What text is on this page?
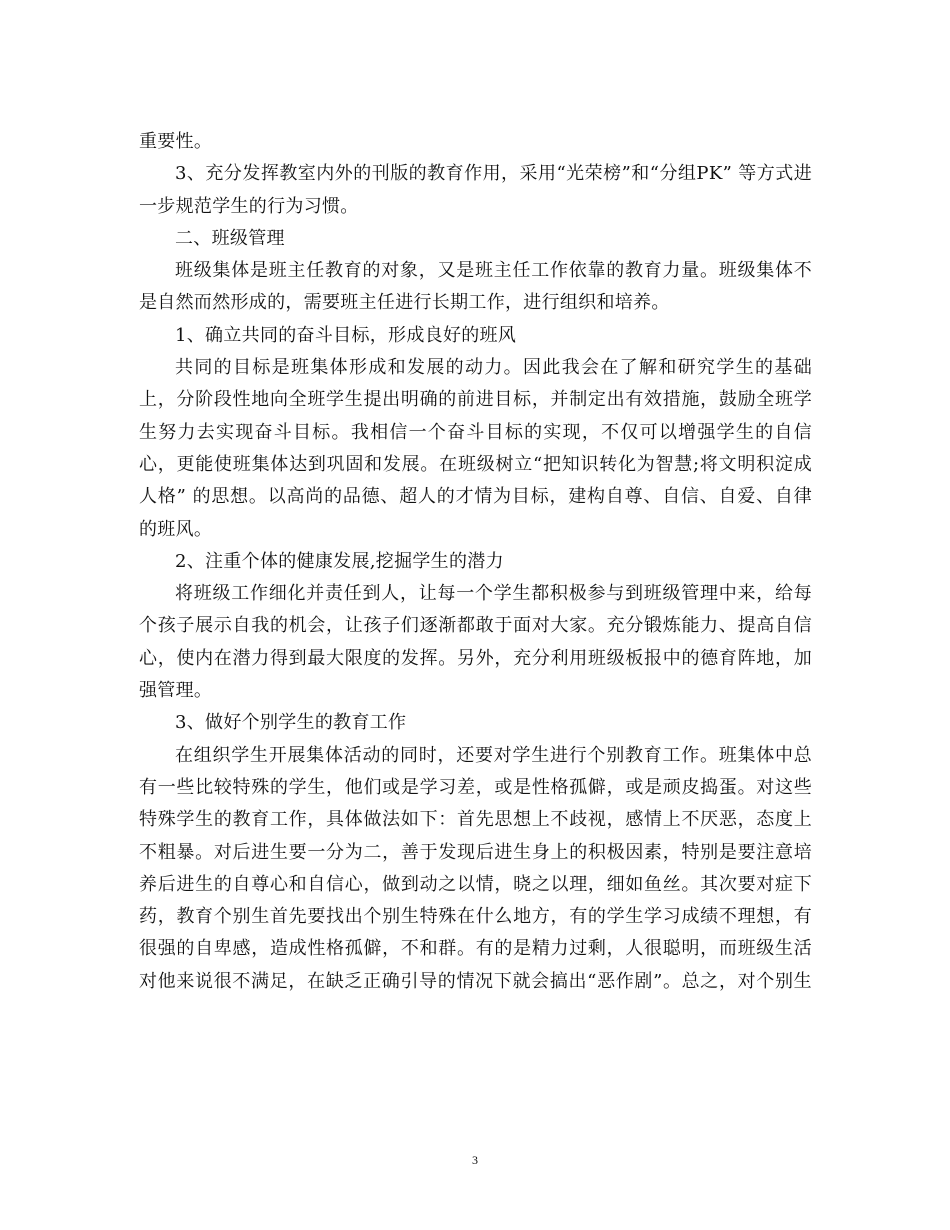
重要性。
3、充分发挥教室内外的刊版的教育作用，采用“光荣榜”和“分组PK” 等方式进
一步规范学生的行为习惯。
二、班级管理
班级集体是班主任教育的对象，又是班主任工作依靠的教育力量。班级集体不
是自然而然形成的，需要班主任进行长期工作，进行组织和培养。
1、确立共同的奋斗目标，形成良好的班风
共同的目标是班集体形成和发展的动力。因此我会在了解和研究学生的基础
上，分阶段性地向全班学生提出明确的前进目标，并制定出有效措施，鼓励全班学
生努力去实现奋斗目标。我相信一个奋斗目标的实现，不仅可以增强学生的自信
心，更能使班集体达到巩固和发展。在班级树立“把知识转化为智慧;将文明积淀成
人格” 的思想。以高尚的品德、超人的才情为目标，建构自尊、自信、自爱、自律
的班风。
2、注重个体的健康发展,挖掘学生的潜力
将班级工作细化并责任到人，让每一个学生都积极参与到班级管理中来，给每
个孩子展示自我的机会，让孩子们逐渐都敢于面对大家。充分锻炼能力、提高自信
心，使内在潜力得到最大限度的发挥。另外，充分利用班级板报中的德育阵地，加
强管理。
3、做好个别学生的教育工作
在组织学生开展集体活动的同时，还要对学生进行个别教育工作。班集体中总
有一些比较特殊的学生，他们或是学习差，或是性格孤僻，或是顽皮捣蛋。对这些
特殊学生的教育工作，具体做法如下：首先思想上不歧视，感情上不厌恶，态度上
不粗暴。对后进生要一分为二，善于发现后进生身上的积极因素，特别是要注意培
养后进生的自尊心和自信心，做到动之以情，晓之以理，细如鱼丝。其次要对症下
药，教育个别生首先要找出个别生特殊在什么地方，有的学生学习成绩不理想，有
很强的自卑感，造成性格孤僻，不和群。有的是精力过剩，人很聪明，而班级生活
对他来说很不满足，在缺乏正确引导的情况下就会搞出“恶作剧”。总之，对个别生
3
